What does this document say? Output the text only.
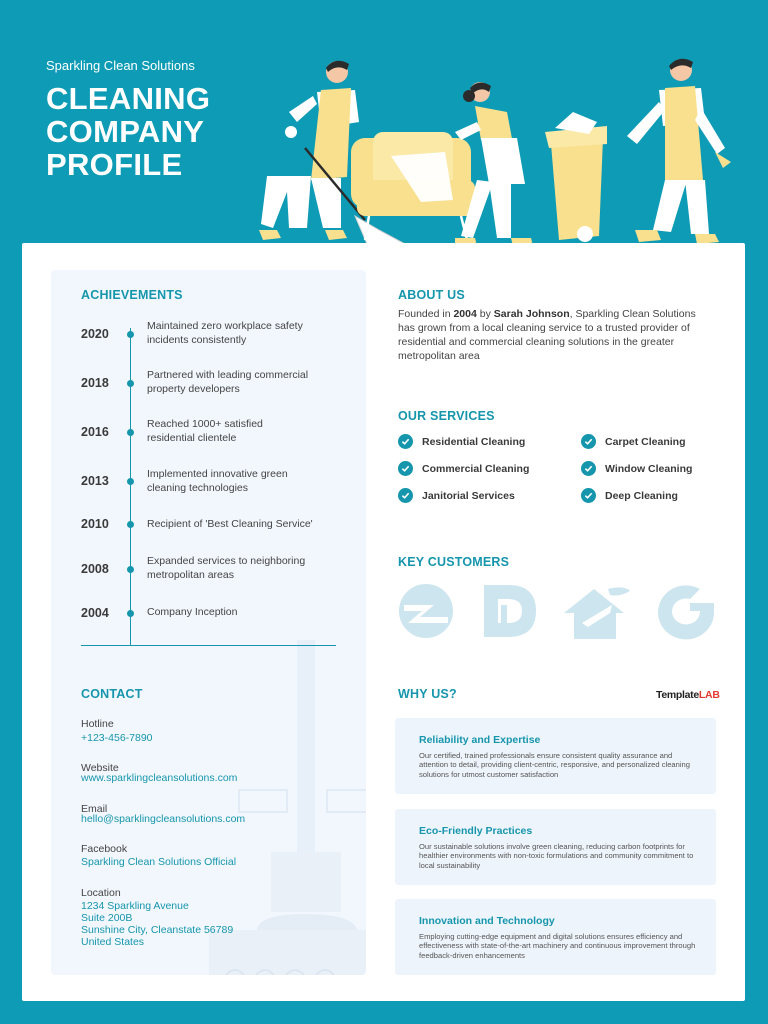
Sparkling Clean Solutions
CLEANING
COMPANY
PROFILE
ACHIEVEMENTS
2020
Maintained zero workplace safety incidents consistently
2018
Partnered with leading commercial property developers
2016
Reached 1000+ satisfied residential clientele
2013	Implemented innovative green cleaning technologies
2010	Recipient of 'Best Cleaning Service'
2008
Expanded services to neighboring metropolitan areas
2004	Company Inception
CONTACT
Hotline
+123-456-7890
Website
www.sparklingcleansolutions.com
Email
hello@sparklingcleansolutions.com
Facebook
Sparkling Clean Solutions Official
Location
1234 Sparkling Avenue
Suite 200B
Sunshine City, Cleanstate 56789
United States
ABOUT US
Founded in 2004 by Sarah Johnson, Sparkling Clean Solutions has grown from a local cleaning service to a trusted provider of residential and commercial cleaning solutions in the greater metropolitan area
OUR SERVICES
Residential Cleaning
Commercial Cleaning
Janitorial Services
Carpet Cleaning
Window Cleaning
Deep Cleaning
KEY CUSTOMERS
WHY US?	TemplateLAB
Reliability and Expertise
Our certified, trained professionals ensure consistent quality assurance and attention to detail, providing client-centric, responsive, and personalized cleaning solutions for utmost customer satisfaction
Eco-Friendly Practices
Our sustainable solutions involve green cleaning, reducing carbon footprints for healthier environments with non-toxic formulations and community commitment to local sustainability
Innovation and Technology
Employing cutting-edge equipment and digital solutions ensures efficiency and effectiveness with state-of-the-art machinery and continuous improvement through feedback-driven enhancements
